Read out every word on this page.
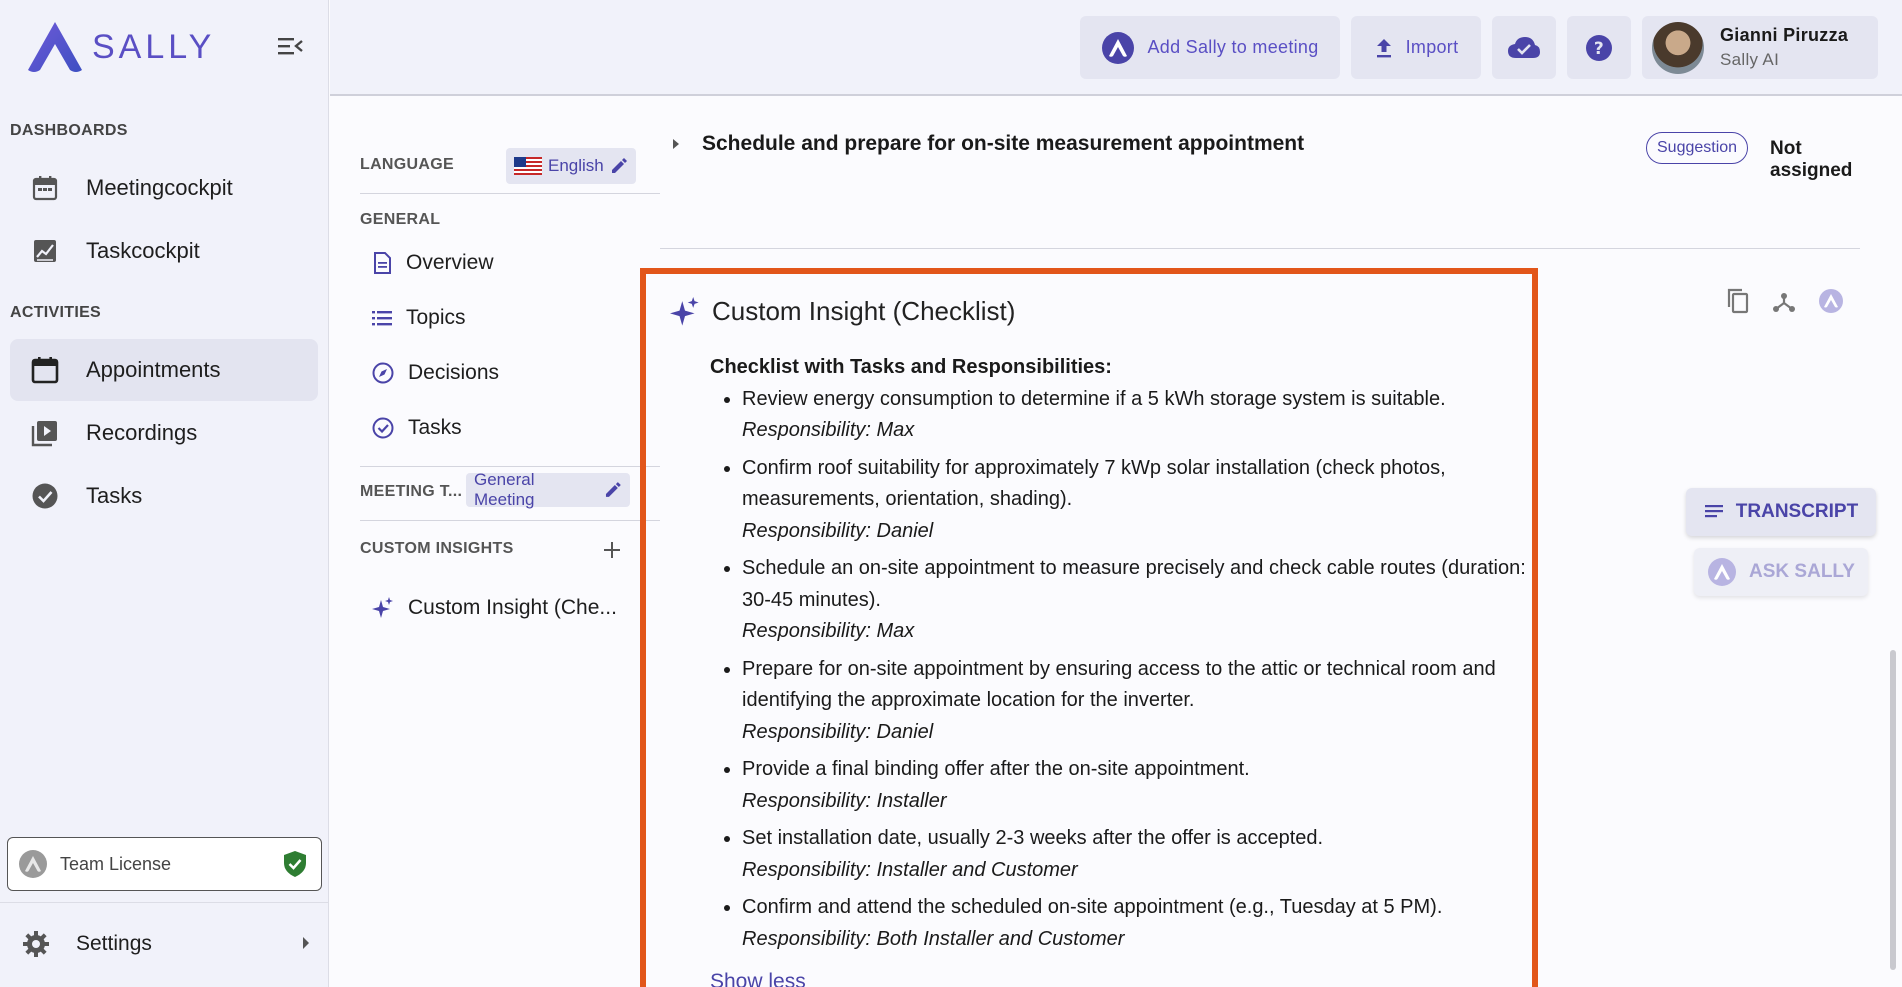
SALLY
DASHBOARDS
Meetingcockpit
Taskcockpit
ACTIVITIES
Appointments
Recordings
Tasks
Team License
Settings
Add Sally to meeting	Import	?
Gianni Piruzza
Sally AI
LANGUAGE	English
GENERAL
Overview
Topics
Decisions
Tasks
MEETING T...
General Meeting
CUSTOM INSIGHTS
Custom Insight (Che...
Schedule and prepare for on-site measurement appointment	Suggestion	Not assigned
Custom Insight (Checklist)
Checklist with Tasks and Responsibilities:
• Review energy consumption to determine if a 5 kWh storage system is suitable.
Responsibility: Max
• Confirm roof suitability for approximately 7 kWp solar installation (check photos, measurements, orientation, shading).
Responsibility: Daniel
• Schedule an on-site appointment to measure precisely and check cable routes (duration: 30-45 minutes).
Responsibility: Max
• Prepare for on-site appointment by ensuring access to the attic or technical room and identifying the approximate location for the inverter.
Responsibility: Daniel
• Provide a final binding offer after the on-site appointment.
Responsibility: Installer
• Set installation date, usually 2-3 weeks after the offer is accepted.
Responsibility: Installer and Customer
• Confirm and attend the scheduled on-site appointment (e.g., Tuesday at 5 PM).
Responsibility: Both Installer and Customer
Show less
TRANSCRIPT
ASK SALLY
